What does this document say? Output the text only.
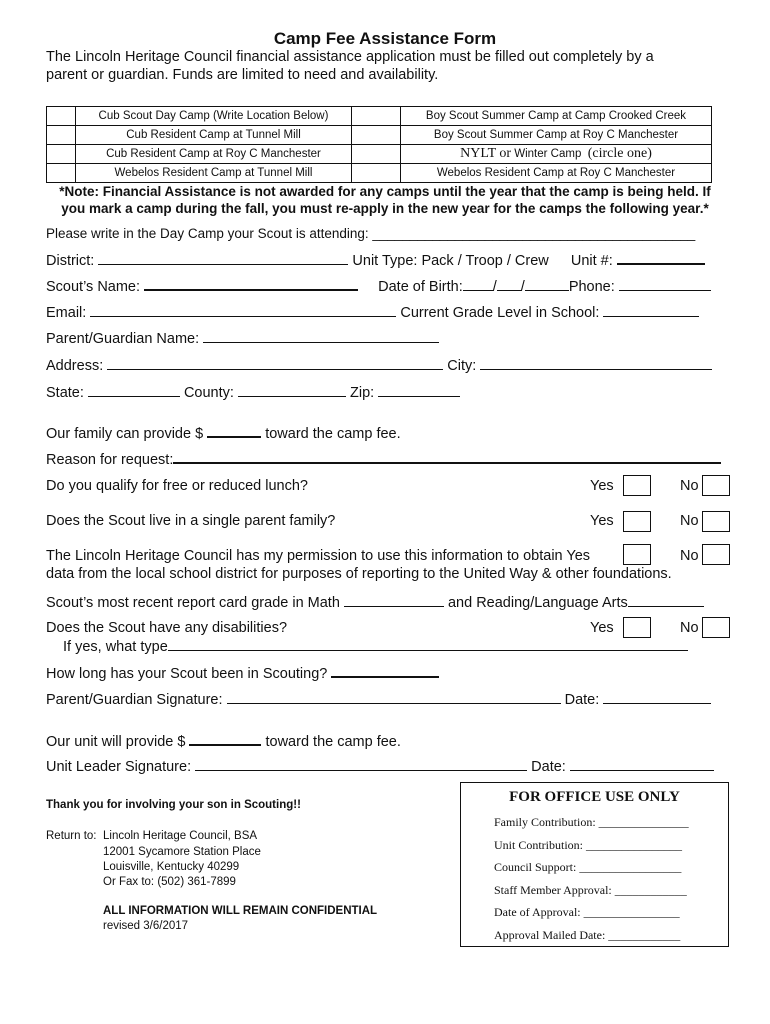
Camp Fee Assistance Form
The Lincoln Heritage Council financial assistance application must be filled out completely by a
parent or guardian. Funds are limited to need and availability.
	Cub Scout Day Camp (Write Location Below)		Boy Scout Summer Camp at Camp Crooked Creek
	Cub Resident Camp at Tunnel Mill		Boy Scout Summer Camp at Roy C Manchester
	Cub Resident Camp at Roy C Manchester		NYLT or Winter Camp (circle one)
	Webelos Resident Camp at Tunnel Mill		Webelos Resident Camp at Roy C Manchester
*Note: Financial Assistance is not awarded for any camps until the year that the camp is being held. If
you mark a camp during the fall, you must re-apply in the new year for the camps the following year.*
Please write in the Day Camp your Scout is attending: ___________________________________________
District:	Unit Type: Pack / Troop / Crew Unit #:
Scout’s Name:	Date of Birth: / /	Phone:
Email:	Current Grade Level in School:
Parent/Guardian Name:
Address:	City:
State:	County:	Zip:
Our family can provide $	toward the camp fee.
Reason for request:
Do you qualify for free or reduced lunch?	Yes	No
Does the Scout live in a single parent family?	Yes	No
The Lincoln Heritage Council has my permission to use this information to obtain Yes	No
data from the local school district for purposes of reporting to the United Way & other foundations.
Scout’s most recent report card grade in Math	and Reading/Language Arts
Does the Scout have any disabilities?	Yes	No
If yes, what type
How long has your Scout been in Scouting?
Parent/Guardian Signature:	Date:
Our unit will provide $	toward the camp fee.
Unit Leader Signature:	Date:
Thank you for involving your son in Scouting!!
Return to: Lincoln Heritage Council, BSA
12001 Sycamore Station Place
Louisville, Kentucky 40299
Or Fax to: (502) 361-7899
ALL INFORMATION WILL REMAIN CONFIDENTIAL
revised 3/6/2017
FOR OFFICE USE ONLY
Family Contribution: _______________
Unit Contribution: ________________
Council Support: _________________
Staff Member Approval: ____________
Date of Approval: ________________
Approval Mailed Date: ____________
